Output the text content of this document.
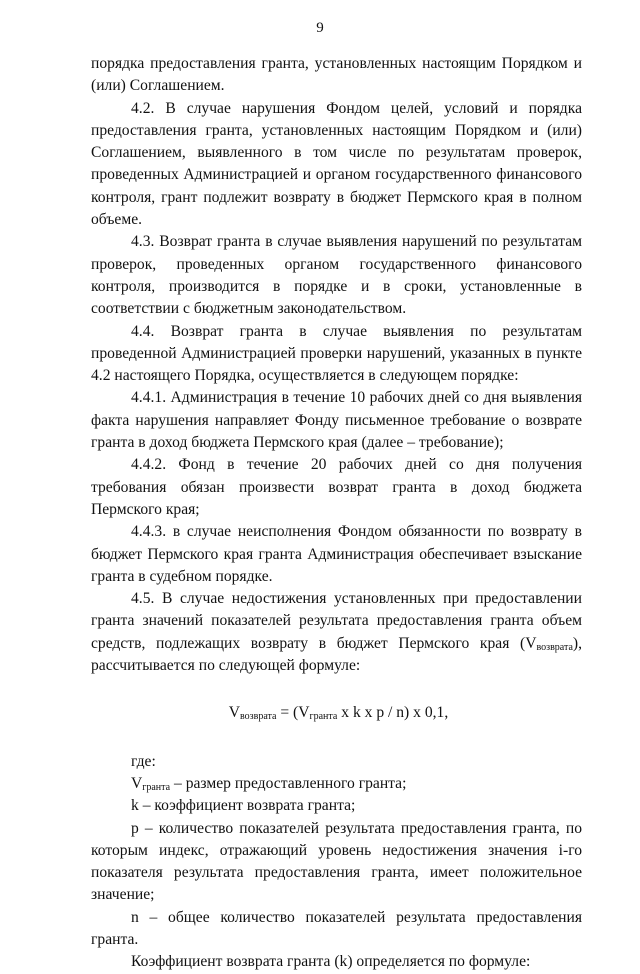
9

порядка предоставления гранта, установленных настоящим Порядком и (или) Соглашением.

4.2. В случае нарушения Фондом целей, условий и порядка предоставления гранта, установленных настоящим Порядком и (или) Соглашением, выявленного в том числе по результатам проверок, проведенных Администрацией и органом государственного финансового контроля, грант подлежит возврату в бюджет Пермского края в полном объеме.

4.3. Возврат гранта в случае выявления нарушений по результатам проверок, проведенных органом государственного финансового контроля, производится в порядке и в сроки, установленные в соответствии с бюджетным законодательством.

4.4. Возврат гранта в случае выявления по результатам проведенной Администрацией проверки нарушений, указанных в пункте 4.2 настоящего Порядка, осуществляется в следующем порядке:

4.4.1. Администрация в течение 10 рабочих дней со дня выявления факта нарушения направляет Фонду письменное требование о возврате гранта в доход бюджета Пермского края (далее – требование);

4.4.2. Фонд в течение 20 рабочих дней со дня получения требования обязан произвести возврат гранта в доход бюджета Пермского края;

4.4.3. в случае неисполнения Фондом обязанности по возврату в бюджет Пермского края гранта Администрация обеспечивает взыскание гранта в судебном порядке.

4.5. В случае недостижения установленных при предоставлении гранта значений показателей результата предоставления гранта объем средств, подлежащих возврату в бюджет Пермского края $(V_{возврата})$, рассчитывается по следующей формуле:

$V_{возврата} = (V_{гранта}$ x k x p / n) x 0,1,

где:

$V_{гранта}$ – размер предоставленного гранта;

k – коэффициент возврата гранта;

p – количество показателей результата предоставления гранта, по которым индекс, отражающий уровень недостижения значения i-го показателя результата предоставления гранта, имеет положительное значение;

n – общее количество показателей результата предоставления гранта.

Коэффициент возврата гранта (k) определяется по формуле:
